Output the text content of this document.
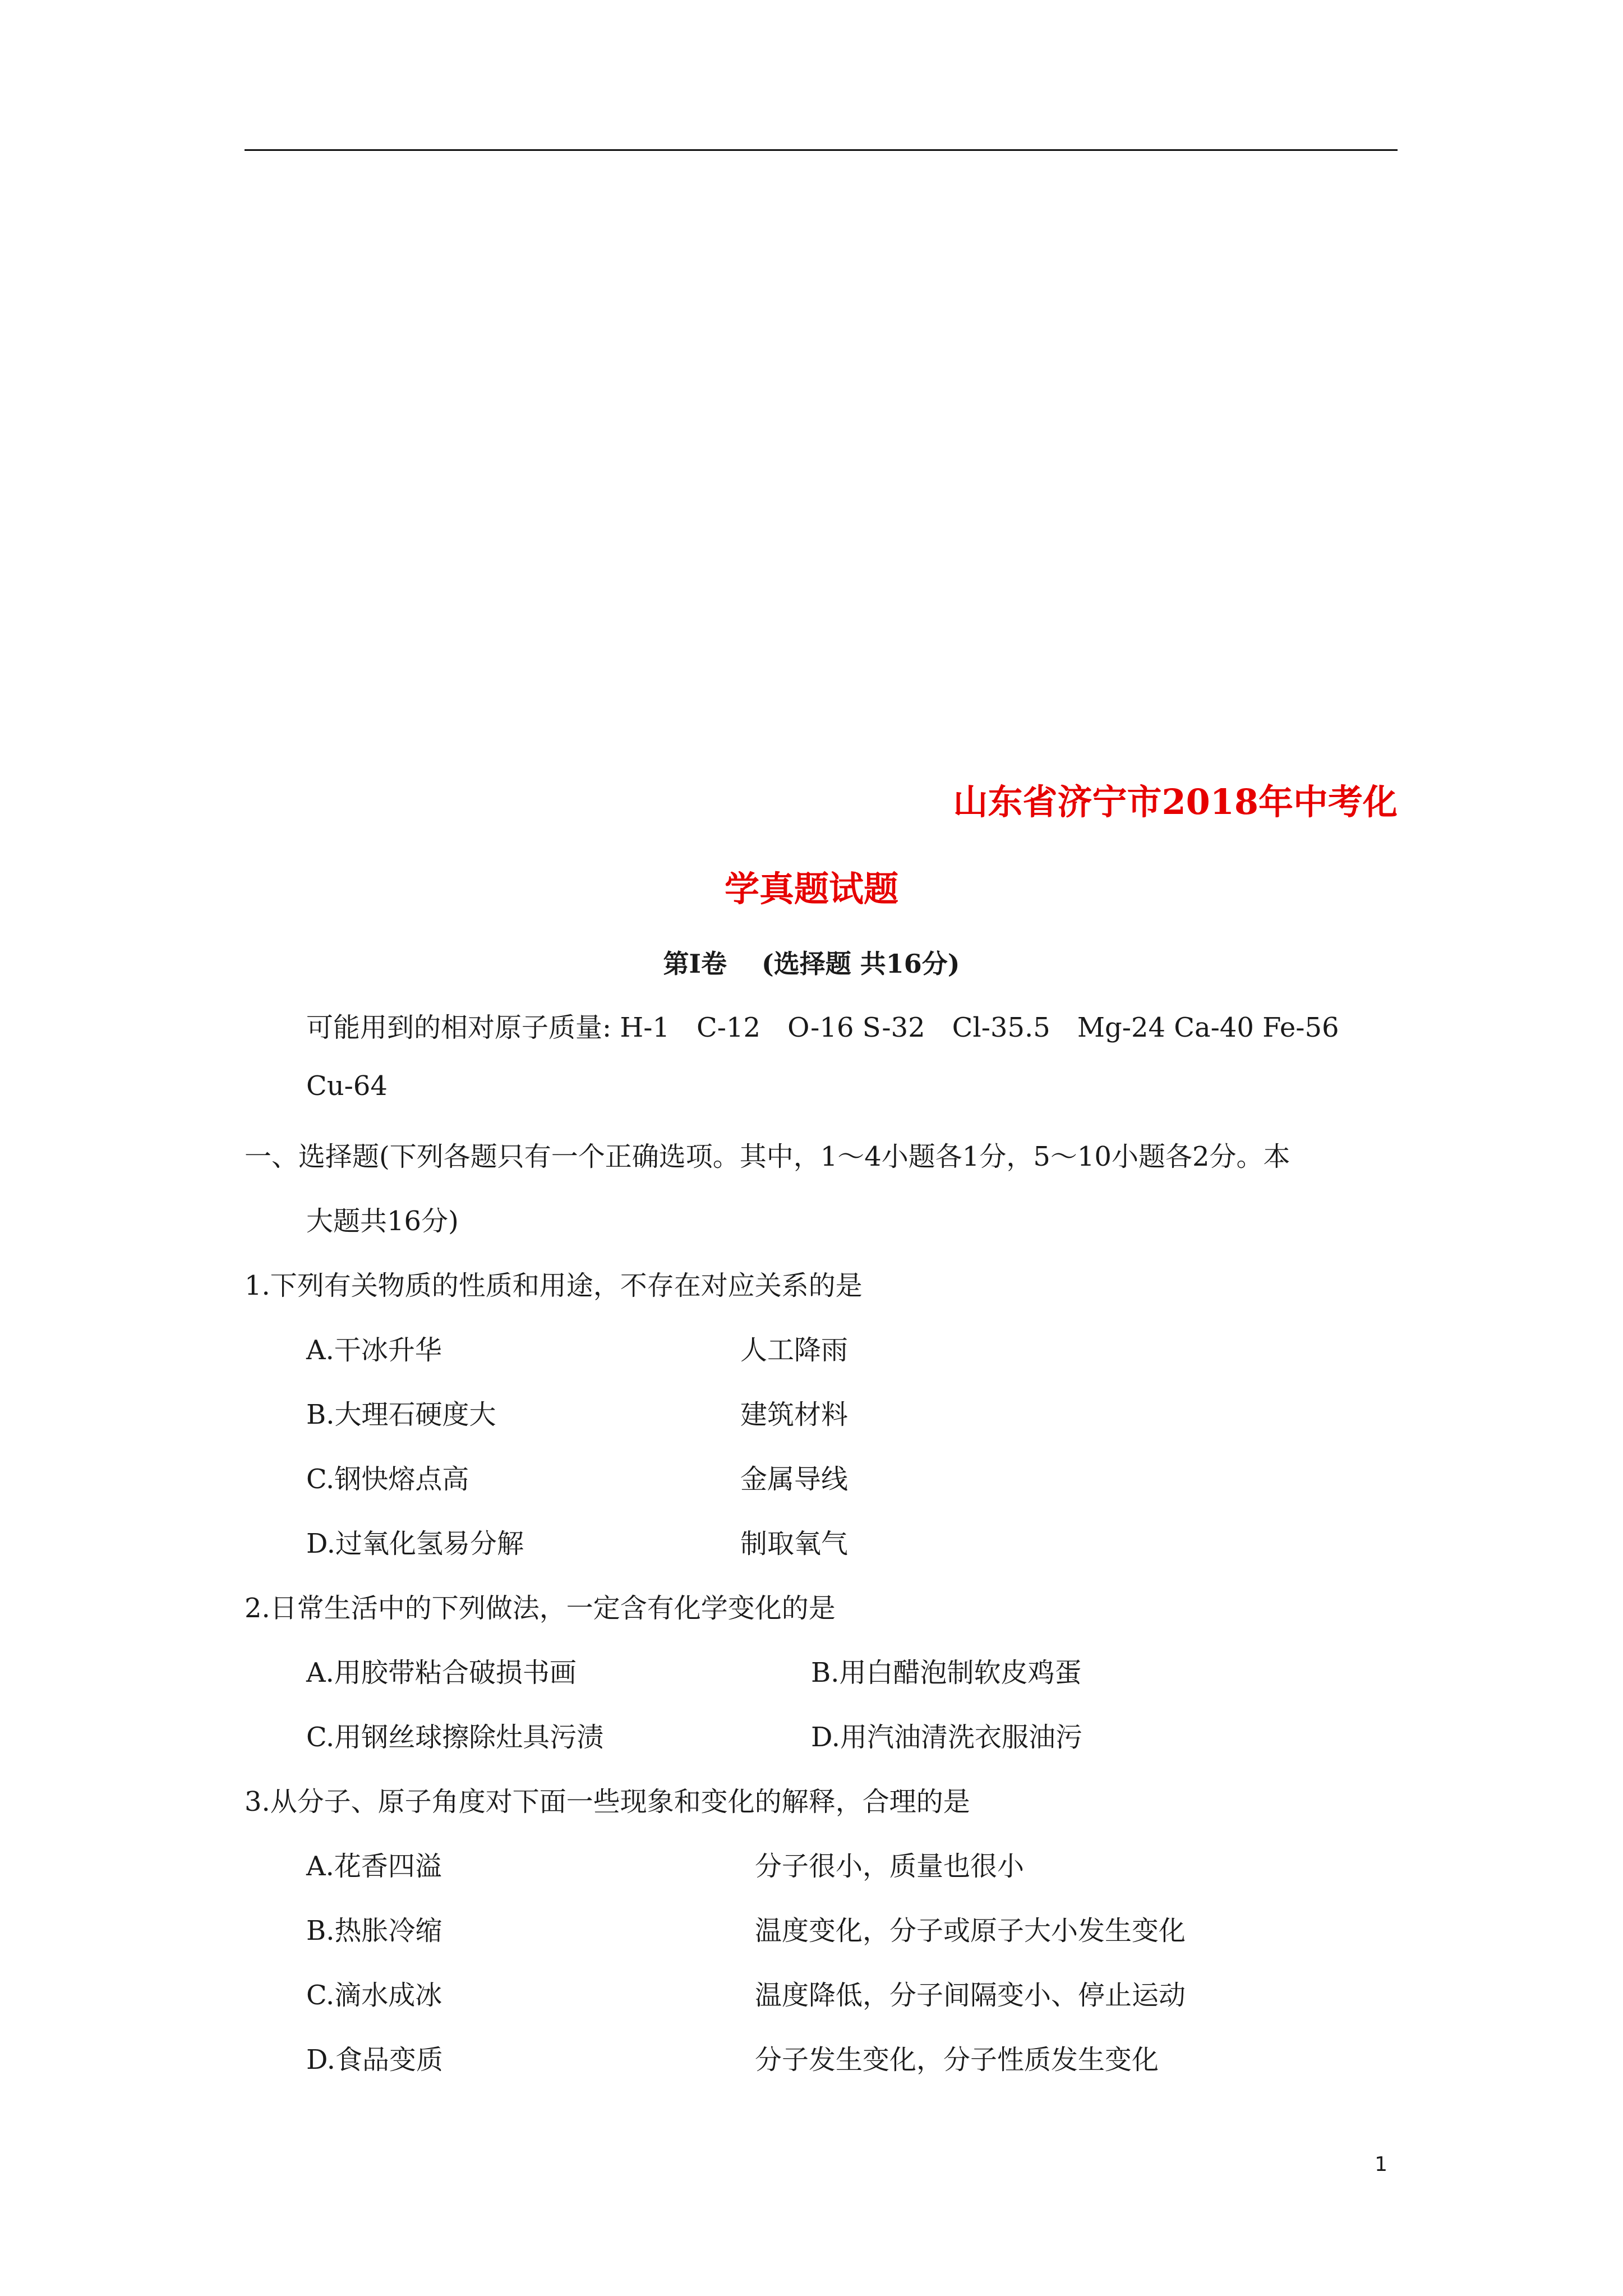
山东省济宁市2018年中考化
学真题试题
第I卷　 (选择题 共16分)
可能用到的相对原子质量: H-1　C-12　O-16 S-32　Cl-35.5　Mg-24 Ca-40 Fe-56
Cu-64
一、选择题(下列各题只有一个正确选项。其中，1～4小题各1分，5～10小题各2分。本
大题共16分)
1.下列有关物质的性质和用途，不存在对应关系的是
A.干冰升华	人工降雨
B.大理石硬度大	建筑材料
C.钢快熔点高	金属导线
D.过氧化氢易分解	制取氧气
2.日常生活中的下列做法，一定含有化学变化的是
A.用胶带粘合破损书画	B.用白醋泡制软皮鸡蛋
C.用钢丝球擦除灶具污渍	D.用汽油清洗衣服油污
3.从分子、原子角度对下面一些现象和变化的解释，合理的是
A.花香四溢	分子很小，质量也很小
B.热胀冷缩	温度变化，分子或原子大小发生变化
C.滴水成冰	温度降低，分子间隔变小、停止运动
D.食品变质	分子发生变化，分子性质发生变化
1
